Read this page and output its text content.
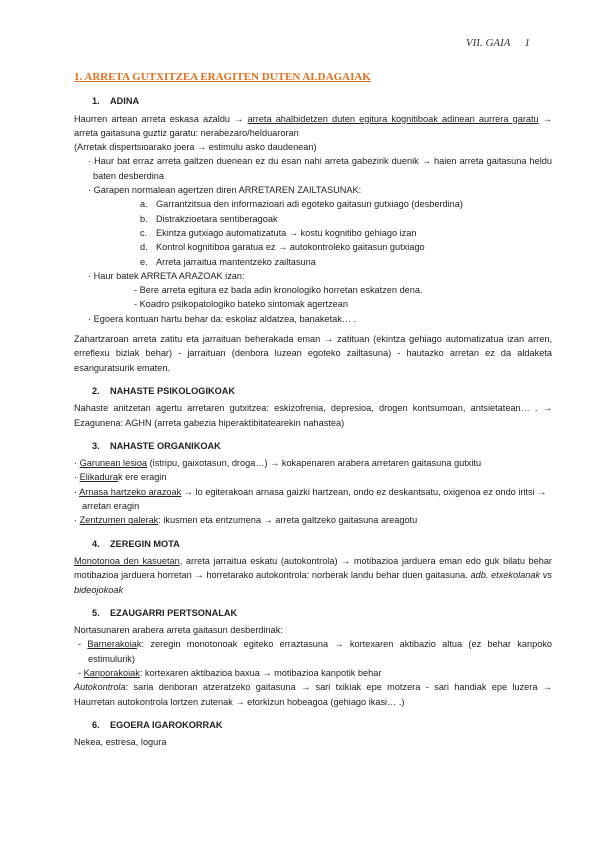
VII. GAIA 1
1. ARRETA GUTXITZEA ERAGITEN DUTEN ALDAGAIAK
1. ADINA

Haurren artean arreta eskasa azaldu → arreta ahalbidetzen duten egitura kognitiboak adinean aurrera garatu → arreta gaitasuna guztiz garatu: nerabezaro/helduaroran

(Arretak dispertsioarako joera → estimulu asko daudenean)

· Haur bat erraz arreta galtzen duenean ez du esan nahi arreta gabezirik duenik → haien arreta gaitasuna heldu baten desberdina

· Garapen normalean agertzen diren ARRETAREN ZAILTASUNAK:

a. Garrantzitsua den informazioari adi egoteko gaitasun gutxiago (desberdina)

b. Distrakzioetara sentiberagoak

c. Ekintza gutxiago automatizatuta → kostu kognitibo gehiago izan

d. Kontrol kognitiboa garatua ez → autokontroleko gaitasun gutxiago

e. Arreta jarraitua mantentzeko zailtasuna

· Haur batek ARRETA ARAZOAK izan:

- Bere arreta egitura ez bada adin kronologiko horretan eskatzen dena.

- Koadro psikopatologiko bateko sintomak agertzean

· Egoera kontuan hartu behar da: eskolaz aldatzea, banaketak… .

Zahartzaroan arreta zatitu eta jarraituan beherakada eman → zatituan (ekintza gehiago automatizatua izan arren, erreflexu biziak behar) - jarraituan (denbora luzean egoteko zailtasuna) - hautazko arretan ez da aldaketa esanguratsurik ematen.

2. NAHASTE PSIKOLOGIKOAK

Nahaste anitzetan agertu arretaren gutxitzea: eskizofrenia, depresioa, drogen kontsumoan, antsietatean… . → Ezagunena: AGHN (arreta gabezia hiperaktibitatearekin nahastea)

3. NAHASTE ORGANIKOAK

· Garunean lesioa (istripu, gaixotasun, droga…) → kokapenaren arabera arretaren gaitasuna gutxitu

· Elikadurak ere eragin

· Arnasa hartzeko arazoak → lo egiterakoan arnasa gaizki hartzean, ondo ez deskantsatu, oxigenoa ez ondo iritsi → arretan eragin

· Zentzumen galerak: ikusmen eta entzumena → arreta galtzeko gaitasuna areagotu

4. ZEREGIN MOTA

Monotonoa den kasuetan, arreta jarraitua eskatu (autokontrola) → motibazioa jarduera eman edo guk bilatu behar motibazioa jarduera horretan → horretarako autokontrola: norberak landu behar duen gaitasuna. adb. etxekolanak vs bideojokoak

5. EZAUGARRI PERTSONALAK

Nortasunaren arabera arreta gaitasun desberdinak:

- Barnerakoiak: zeregin monotonoak egiteko erraztasuna → kortexaren aktibazio altua (ez behar kanpoko estimulurik)

- Kanporakoiak: kortexaren aktibazioa baxua → motibazioa kanpotik behar

Autokontrola: saria denboran atzeratzeko gaitasuna → sari txikiak epe motzera - sari handiak epe luzera → Haurretan autokontrola lortzen zutenak → etorkizun hobeagoa (gehiago ikasi… .)

6. EGOERA IGAROKORRAK

Nekea, estresa, logura
